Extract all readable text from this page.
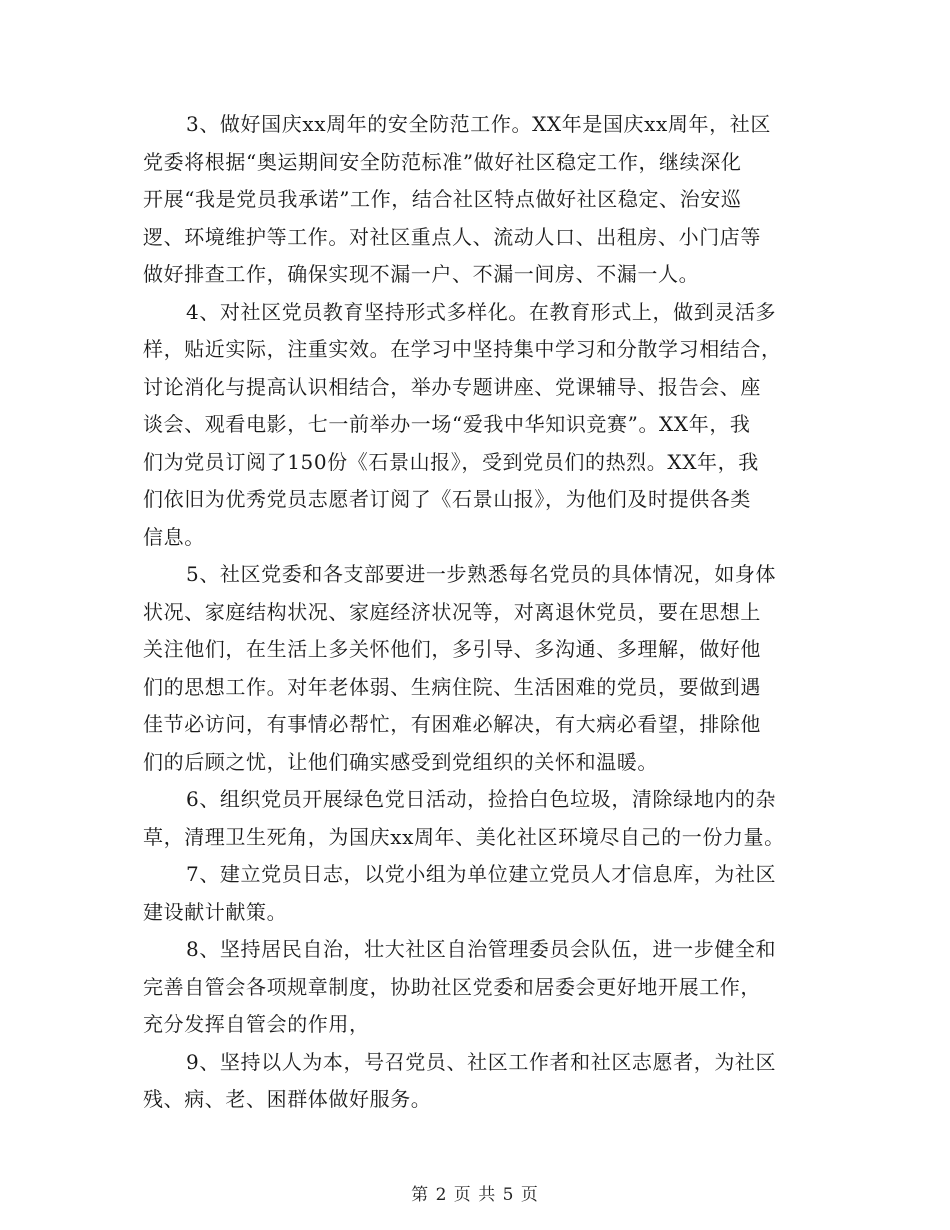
3、做好国庆xx周年的安全防范工作。XX年是国庆xx周年，社区
党委将根据“奥运期间安全防范标准”做好社区稳定工作，继续深化
开展“我是党员我承诺”工作，结合社区特点做好社区稳定、治安巡
逻、环境维护等工作。对社区重点人、流动人口、出租房、小门店等
做好排查工作，确保实现不漏一户、不漏一间房、不漏一人。

4、对社区党员教育坚持形式多样化。在教育形式上，做到灵活多
样，贴近实际，注重实效。在学习中坚持集中学习和分散学习相结合，
讨论消化与提高认识相结合，举办专题讲座、党课辅导、报告会、座
谈会、观看电影，七一前举办一场“爱我中华知识竞赛”。XX年，我
们为党员订阅了150份《石景山报》，受到党员们的热烈。XX年，我
们依旧为优秀党员志愿者订阅了《石景山报》，为他们及时提供各类
信息。

5、社区党委和各支部要进一步熟悉每名党员的具体情况，如身体
状况、家庭结构状况、家庭经济状况等，对离退休党员，要在思想上
关注他们，在生活上多关怀他们，多引导、多沟通、多理解，做好他
们的思想工作。对年老体弱、生病住院、生活困难的党员，要做到遇
佳节必访问，有事情必帮忙，有困难必解决，有大病必看望，排除他
们的后顾之忧，让他们确实感受到党组织的关怀和温暖。

6、组织党员开展绿色党日活动，捡拾白色垃圾，清除绿地内的杂
草，清理卫生死角，为国庆xx周年、美化社区环境尽自己的一份力量。

7、建立党员日志，以党小组为单位建立党员人才信息库，为社区
建设献计献策。

8、坚持居民自治，壮大社区自治管理委员会队伍，进一步健全和
完善自管会各项规章制度，协助社区党委和居委会更好地开展工作，
充分发挥自管会的作用，

9、坚持以人为本，号召党员、社区工作者和社区志愿者，为社区
残、病、老、困群体做好服务。

第 2 页 共 5 页
